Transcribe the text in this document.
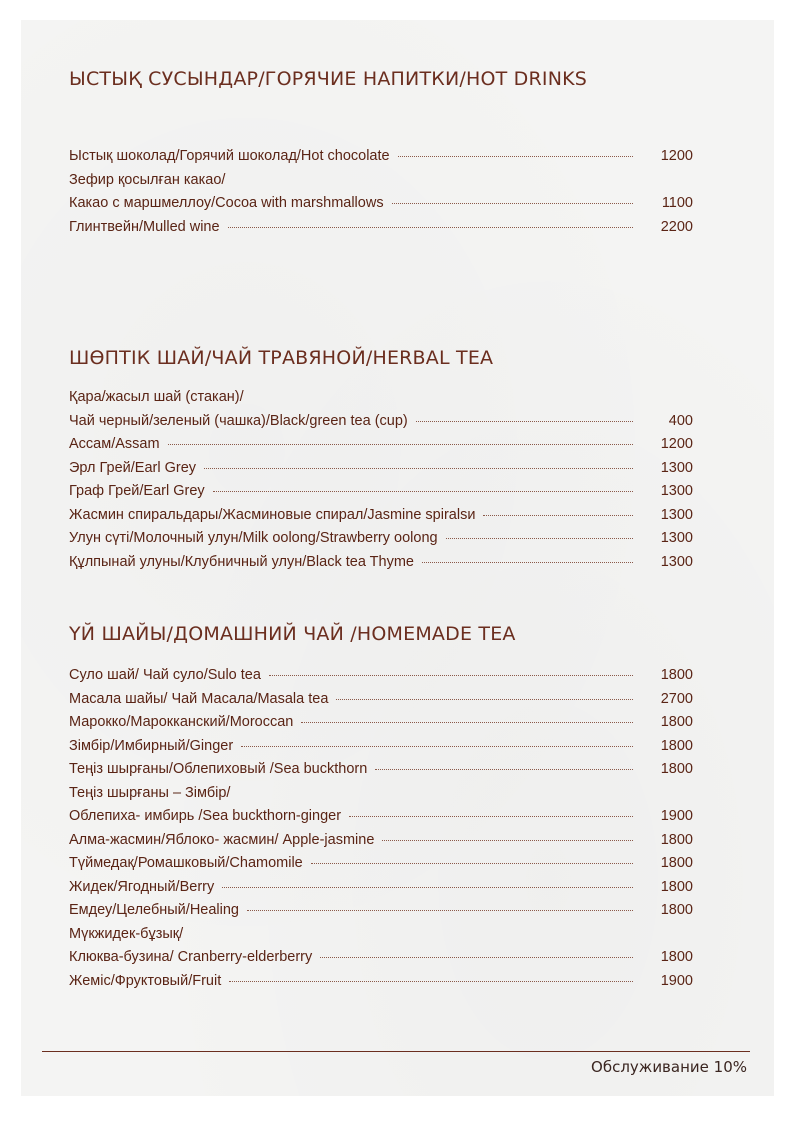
ЫСТЫҚ СУСЫНДАР/ГОРЯЧИЕ НАПИТКИ/HOT DRINKS
Ыстық шоколад/Горячий шоколад/Hot chocolate	1200
Зефир қосылған какао/
Какао с маршмеллоу/Cocoa with marshmallows	1100
Глинтвейн/Mulled wine	2200
ШӨПТІК ШАЙ/ЧАЙ ТРАВЯНОЙ/HERBAL TEA
Қара/жасыл шай (стакан)/
Чай черный/зеленый (чашка)/Black/green tea (cup)	400
Ассам/Assam	1200
Эрл Грей/Earl Grey	1300
Граф Грей/Earl Grey	1300
Жасмин спиральдары/Жасминовые спирал/Jasmine spiralsи	1300
Улун сүті/Молочный улун/Milk oolong/Strawberry oolong	1300
Құлпынай улуны/Клубничный улун/Black tea Thyme	1300
ҮЙ ШАЙЫ/ДОМАШНИЙ ЧАЙ /HOMEMADE TEA
Суло шай/ Чай суло/Sulo tea	1800
Масала шайы/ Чай Масала/Masala tea	2700
Марокко/Марокканский/Moroccan	1800
Зімбір/Имбирный/Ginger	1800
Теңіз шырғаны/Облепиховый /Sea buckthorn	1800
Теңіз шырғаны – Зімбір/
Облепиха- имбирь /Sea buckthorn-ginger	1900
Алма-жасмин/Яблоко- жасмин/ Apple-jasmine	1800
Түймедақ/Ромашковый/Chamomile	1800
Жидек/Ягодный/Berry	1800
Емдеу/Целебный/Healing	1800
Мүкжидек-бұзық/
Клюква-бузина/ Cranberry-elderberry	1800
Жеміс/Фруктовый/Fruit	1900
Обслуживание 10%
